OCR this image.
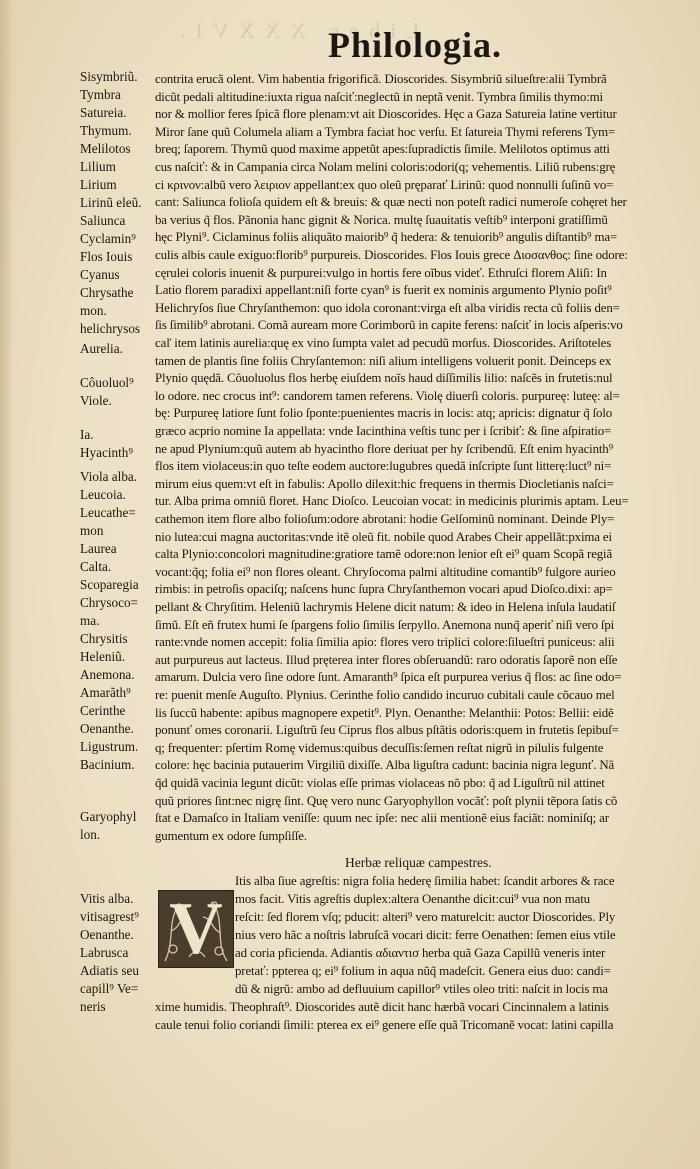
Liber XXXVI.
Philologia.
Sisymbriũ.
Tymbra
Satureia.
Thymum.
Melilotos
Lilium
Lirium
Lirinũ eleũ.
Saliunca
Cyclamin⁹
Flos Iouis
Cyanus
Chrysathe
mon.
helichrysos
Aurelia.
Côuoluol⁹
Viole.
Ia.
Hyacinth⁹
Viola alba.
Leucoia.
Leucathe=
mon
Laurea
Calta.
Scoparegia
Chrysoco=
ma.
Chrysitis
Heleniũ.
Anemona.
Amarãth⁹
Cerinthe
Oenanthe.
Ligustrum.
Bacinium.
Garyophyl
lon.
Vitis alba.
vitisagrest⁹
Oenanthe.
Labrusca
Adiatis seu
capill⁹ Ve=
neris
contrita erucã olent. Vim habentia frigorificã. Dioscorides. Sisymbriũ silueſtre:alii Tymbrã
dicũt pedali altitudine:iuxta rigua naſciť:neglectũ in neptã venit. Tymbra ſimilis thymo:mi
nor & mollior feres ſpicã flore plenam:vt ait Dioscorides. Hęc a Gaza Satureia latine vertitur
Miror ſane quũ Columela aliam a Tymbra faciat hoc verſu. Et ſatureia Thymi referens Tym=
breq; ſaporem. Thymũ quod maxime appetũt apes:ſupradictis ſimile. Melilotos optimus atti
cus naſciť: & in Campania circa Nolam melini coloris:odori(q; vehementis. Liliũ rubens:grę
ci κρινον:albũ vero λειριον appellant:ex quo oleũ pręparať Lirinũ: quod nonnulli ſuſinũ vo=
cant: Saliunca folioſa quidem eſt & breuis: & quæ necti non poteſt radici numeroſe cohęret her
ba verius q̃ flos. Pãnonia hanc gignit & Norica. multę ſuauitatis veſtib⁹ interponi gratiſſimũ
hęc Plyni⁹. Ciclaminus foliis aliquãto maiorib⁹ q̃ hedera: & tenuiorib⁹ angulis diſtantib⁹ ma=
culis albis caule exiguo:florib⁹ purpureis. Dioscorides. Flos Iouis grece Διοσανθος: ſine odore:
cęrulei coloris inuenit & purpurei:vulgo in hortis fere oĩbus videť. Ethruſci florem Aliſi: In
Latio florem paradixi appellant:niſi forte cyan⁹ is fuerit ex nominis argumento Plynio poſit⁹
Helichryſos ſiue Chryſanthemon: quo idola coronant:virga eſt alba viridis recta cũ foliis den=
ſis ſimilib⁹ abrotani. Comã auream more Corimborũ in capite ferens: naſciť in locis aſperis:vo
caľ item latinis aurelia:quę ex vino ſumpta valet ad pecudũ morſus. Dioscorides. Ariſtoteles
tamen de plantis ſine foliis Chryſantemon: niſi alium intelligens voluerit ponit. Deinceps ex
Plynio quędã. Côuoluolus flos herbę eiuſdem noĩs haud diſſimilis lilio: naſcẽs in frutetis:nul
lo odore. nec crocus int⁹: candorem tamen referens. Violę diuerſi coloris. purpureę: luteę: al=
bę: Purpureę latiore ſunt folio ſponte:puenientes macris in locis: atq; apricis: dignatur q̃ ſolo
græco acprio nomine Ia appellata: vnde Iacinthina veſtis tunc per i ſcribiť: & ſine aſpiratio=
ne apud Plynium:quũ autem ab hyacintho flore deriuat per hy ſcribendũ. Eſt enim hyacinth⁹
flos item violaceus:in quo teſte eodem auctore:lugubres quedã inſcripte ſunt litterę:luct⁹ ni=
mirum eius quem:vt eſt in fabulis: Apollo dilexit:hic frequens in thermis Diocletianis naſci=
tur. Alba prima omniũ floret. Hanc Dioſco. Leucoian vocat: in medicinis plurimis aptam. Leu=
cathemon item flore albo folioſum:odore abrotani: hodie Gelſominũ nominant. Deinde Ply=
nio lutea:cui magna auctoritas:vnde itẽ oleũ fit. nobile quod Arabes Cheir appellãt:pxima ei
calta Plynio:concolori magnitudine:gratiore tamẽ odore:non lenior eſt ei⁹ quam Scopã regiã
vocant:q̃q; folia ei⁹ non flores oleant. Chryſocoma palmi altitudine comantib⁹ fulgore aurieo
rimbis: in petroſis opaciſq; naſcens hunc ſupra Chryſanthemon vocari apud Dioſco.dixi: ap=
pellant & Chryſitim. Heleniũ lachrymis Helene dicit natum: & ideo in Helena inſula laudatiſ
ſimũ. Eſt eñ frutex humi ſe ſpargens folio ſimilis ſerpyllo. Anemona nunq̃ aperiť niſi vero ſpi
rante:vnde nomen accepit: folia ſimilia apio: flores vero triplici colore:ſilueſtri puniceus: alii
aut purpureus aut lacteus. Illud pręterea inter flores obſeruandũ: raro odoratis ſaporẽ non eſſe
amarum. Dulcia vero ſine odore ſunt. Amaranth⁹ ſpica eſt purpurea verius q̃ flos: ac ſine odo=
re: puenit menſe Auguſto. Plynius. Cerinthe folio candido incuruo cubitali caule cõcauo mel
lis ſuccũ habente: apibus magnopere expetit⁹. Plyn. Oenanthe: Melanthii: Potos: Bellii: eidẽ
ponunť omes coronarii. Liguſtrũ ſeu Ciprus flos albus pſtãtis odoris:quem in frutetis ſepibuſ=
q; frequenter: pſertim Romę videmus:quibus decuſſis:ſemen reſtat nigrũ in pilulis fulgente
colore: hęc bacinia putauerim Virgiliũ dixiſſe. Alba liguſtra cadunt: bacinia nigra legunť. Nã
q̃d quidã vacinia legunt dicũt: violas eſſe primas violaceas nõ pbo: q̃ ad Liguſtrũ nil attinet
quũ priores ſint:nec nigrę ſint. Quę vero nunc Garyophyllon vocãť: poſt plynii tẽpora ſatis cõ
ſtat e Damaſco in Italiam veniſſe: quum nec ipſe: nec alii mentionẽ eius faciãt: nominiſq; ar
gumentum ex odore ſumpſiſſe.
Herbæ reliquæ campestres.
V
Itis alba ſiue agreſtis: nigra folia hederę ſimilia habet: ſcandit arbores & race
mos facit. Vitis agreſtis duplex:altera Oenanthe dicit:cui⁹ vua non matu
reſcit: ſed florem vſq; pducit: alteri⁹ vero maturelcit: auctor Dioscorides. Ply
nius vero hãc a noſtris labruſcã vocari dicit: ferre Oenathen: ſemen eius vtile
ad coria pficienda. Adiantis αδιαντισ herba quã Gaza Capillũ veneris inter
pretať: ppterea q; ei⁹ folium in aqua nũq̃ madeſcit. Genera eius duo: candi=
dũ & nigrũ: ambo ad defluuium capillor⁹ vtiles oleo triti: naſcit in locis ma
xime humidis. Theophraſt⁹. Dioscorides autẽ dicit hanc hærbã vocari Cincinnalem a latinis
caule tenui folio coriandi ſimili: pterea ex ei⁹ genere eſſe quã Tricomanẽ vocat: latini capilla
